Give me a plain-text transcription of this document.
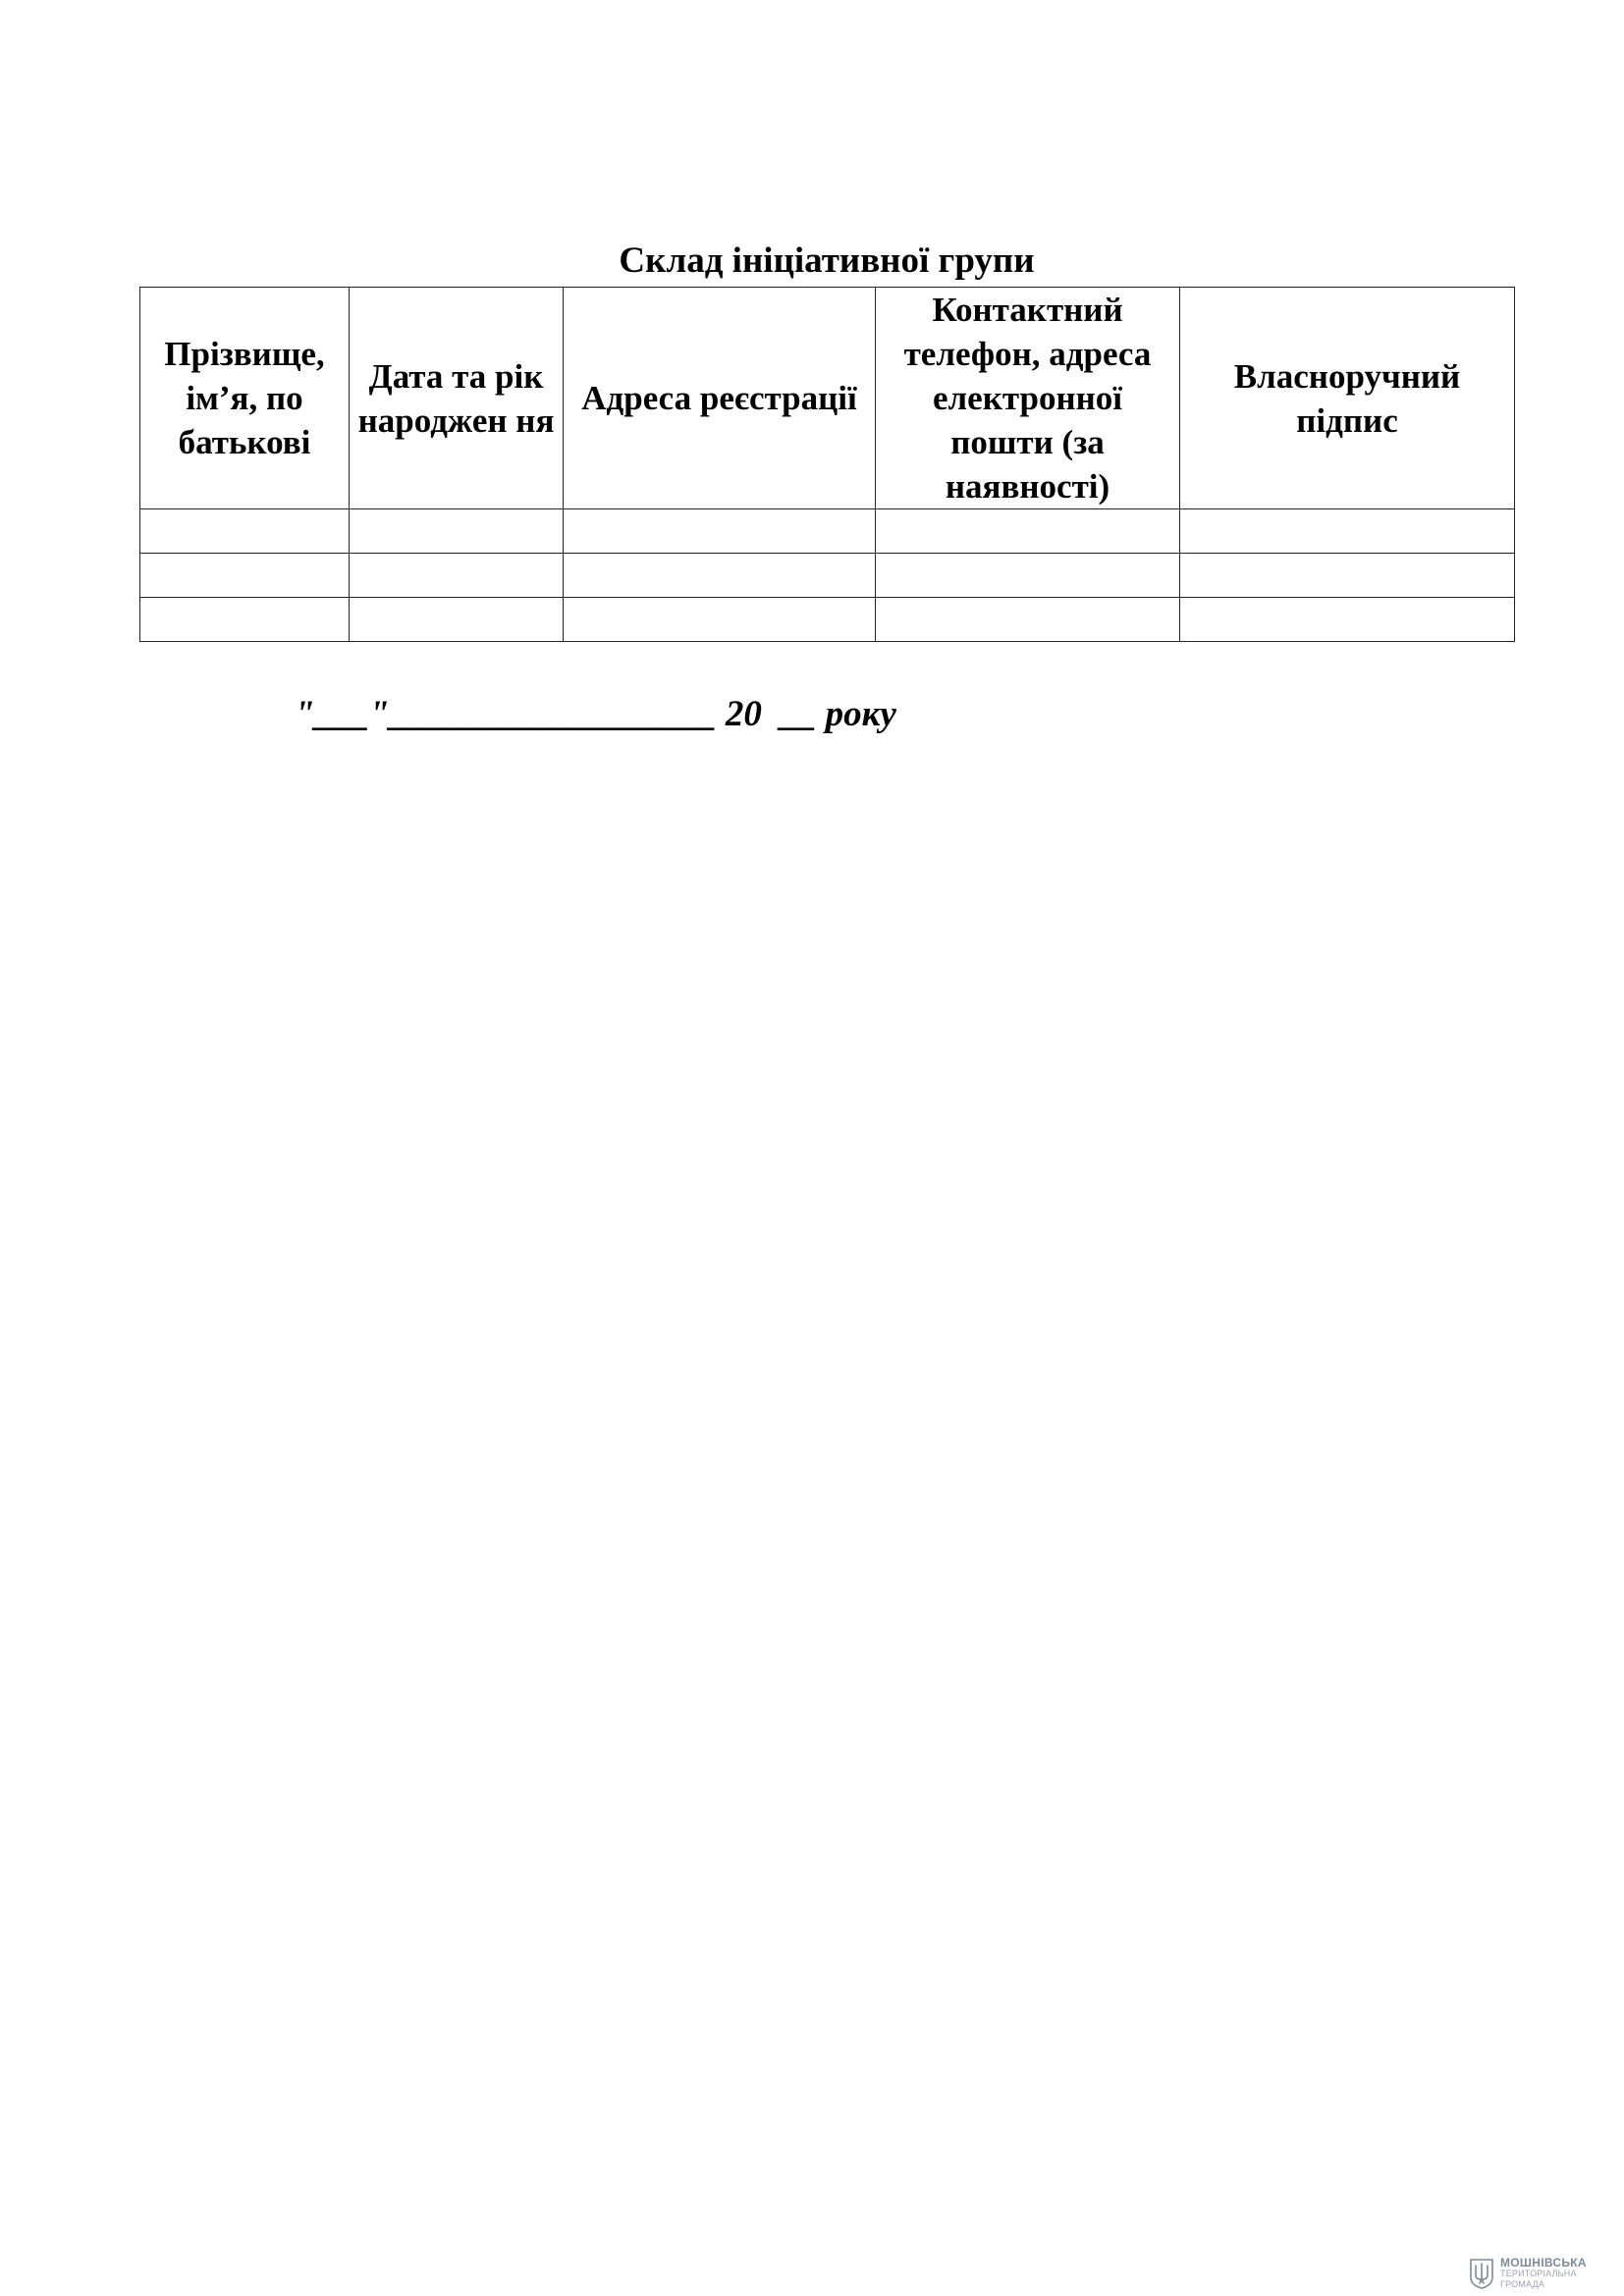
Склад ініціативної групи
Прізвище, ім’я, по батькові	Дата та рік народжен ня	Адреса реєстрації	Контактний телефон, адреса електронної пошти (за наявності)	Власноручний підпис

"___"__________________ 20  __ року
МОШНІВСЬКА
ТЕРИТОРІАЛЬНА
ГРОМАДА
